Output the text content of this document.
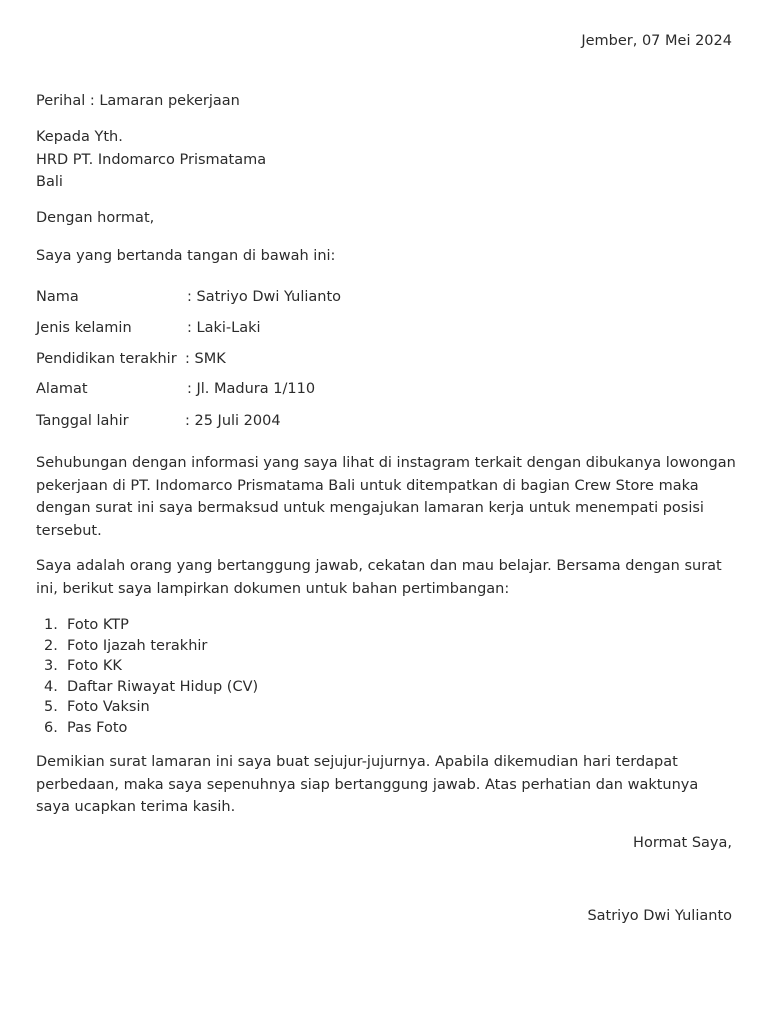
Jember, 07 Mei 2024
Perihal : Lamaran pekerjaan
Kepada Yth.
HRD PT. Indomarco Prismatama
Bali
Dengan hormat,
Saya yang bertanda tangan di bawah ini:
Nama	: Satriyo Dwi Yulianto
Jenis kelamin	: Laki-Laki
Pendidikan terakhir : SMK
Alamat	: Jl. Madura 1/110
Tanggal lahir	: 25 Juli 2004
Sehubungan dengan informasi yang saya lihat di instagram terkait dengan dibukanya lowongan pekerjaan di PT. Indomarco Prismatama Bali untuk ditempatkan di bagian Crew Store maka dengan surat ini saya bermaksud untuk mengajukan lamaran kerja untuk menempati posisi tersebut.
Saya adalah orang yang bertanggung jawab, cekatan dan mau belajar. Bersama dengan surat ini, berikut saya lampirkan dokumen untuk bahan pertimbangan:
1. Foto KTP
2. Foto Ijazah terakhir
3. Foto KK
4. Daftar Riwayat Hidup (CV)
5. Foto Vaksin
6. Pas Foto
Demikian surat lamaran ini saya buat sejujur-jujurnya. Apabila dikemudian hari terdapat perbedaan, maka saya sepenuhnya siap bertanggung jawab. Atas perhatian dan waktunya saya ucapkan terima kasih.
Hormat Saya,
Satriyo Dwi Yulianto
